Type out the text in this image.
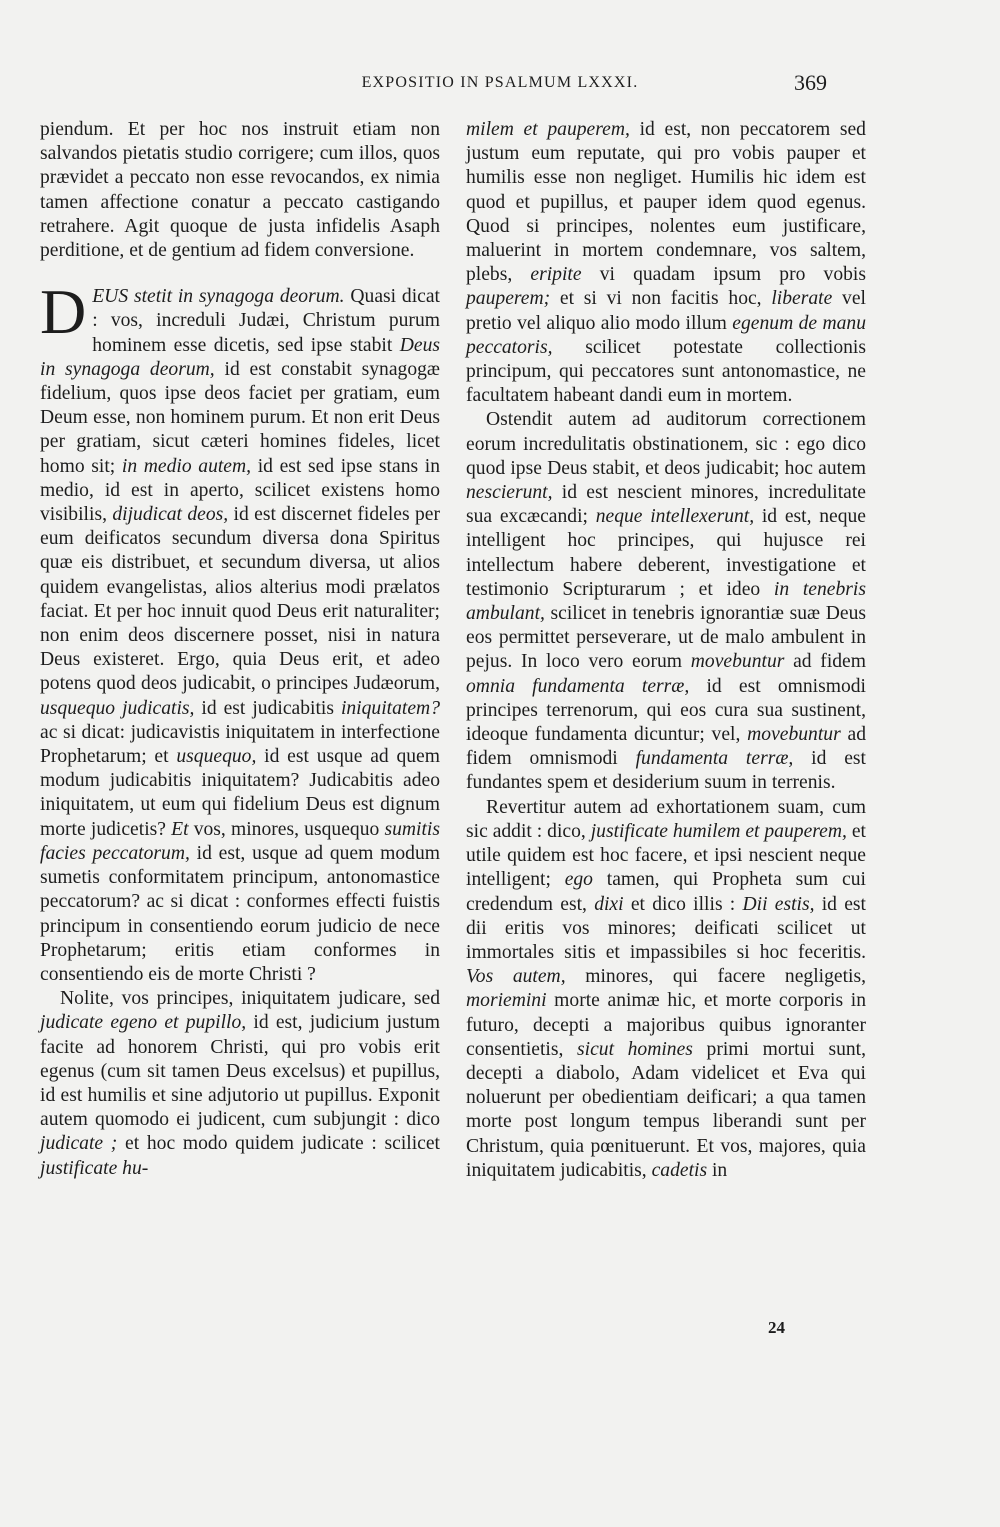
EXPOSITIO IN PSALMUM LXXXI.	369

piendum. Et per hoc nos instruit etiam non salvandos pietatis studio corrigere; cum illos, quos prævidet a peccato non esse revocandos, ex nimia tamen affectione conatur a peccato castigando retrahere. Agit quoque de justa infidelis Asaph perditione, et de gentium ad fidem conversione.

DEUS stetit in synagoga deorum. Quasi dicat : vos, increduli Judæi, Christum purum hominem esse dicetis, sed ipse stabit Deus in synagoga deorum, id est constabit synagogæ fidelium, quos ipse deos faciet per gratiam, eum Deum esse, non hominem purum. Et non erit Deus per gratiam, sicut cæteri homines fideles, licet homo sit; in medio autem, id est sed ipse stans in medio, id est in aperto, scilicet existens homo visibilis, dijudicat deos, id est discernet fideles per eum deificatos secundum diversa dona Spiritus quæ eis distribuet, et secundum diversa, ut alios quidem evangelistas, alios alterius modi prælatos faciat. Et per hoc innuit quod Deus erit naturaliter; non enim deos discernere posset, nisi in natura Deus existeret. Ergo, quia Deus erit, et adeo potens quod deos judicabit, o principes Judæorum, usquequo judicatis, id est judicabitis iniquitatem? ac si dicat: judicavistis iniquitatem in interfectione Prophetarum; et usquequo, id est usque ad quem modum judicabitis iniquitatem? Judicabitis adeo iniquitatem, ut eum qui fidelium Deus est dignum morte judicetis? Et vos, minores, usquequo sumitis facies peccatorum, id est, usque ad quem modum sumetis conformitatem principum, antonomastice peccatorum? ac si dicat : conformes effecti fuistis principum in consentiendo eorum judicio de nece Prophetarum; eritis etiam conformes in consentiendo eis de morte Christi ?

Nolite, vos principes, iniquitatem judicare, sed judicate egeno et pupillo, id est, judicium justum facite ad honorem Christi, qui pro vobis erit egenus (cum sit tamen Deus excelsus) et pupillus, id est humilis et sine adjutorio ut pupillus. Exponit autem quomodo ei judicent, cum subjungit : dico judicate ; et hoc modo quidem judicate : scilicet justificate hu-

milem et pauperem, id est, non peccatorem sed justum eum reputate, qui pro vobis pauper et humilis esse non negliget. Humilis hic idem est quod et pupillus, et pauper idem quod egenus. Quod si principes, nolentes eum justificare, maluerint in mortem condemnare, vos saltem, plebs, eripite vi quadam ipsum pro vobis pauperem; et si vi non facitis hoc, liberate vel pretio vel aliquo alio modo illum egenum de manu peccatoris, scilicet potestate collectionis principum, qui peccatores sunt antonomastice, ne facultatem habeant dandi eum in mortem.

Ostendit autem ad auditorum correctionem eorum incredulitatis obstinationem, sic : ego dico quod ipse Deus stabit, et deos judicabit; hoc autem nescierunt, id est nescient minores, incredulitate sua excæcandi; neque intellexerunt, id est, neque intelligent hoc principes, qui hujusce rei intellectum habere deberent, investigatione et testimonio Scripturarum ; et ideo in tenebris ambulant, scilicet in tenebris ignorantiæ suæ Deus eos permittet perseverare, ut de malo ambulent in pejus. In loco vero eorum movebuntur ad fidem omnia fundamenta terræ, id est omnismodi principes terrenorum, qui eos cura sua sustinent, ideoque fundamenta dicuntur; vel, movebuntur ad fidem omnismodi fundamenta terræ, id est fundantes spem et desiderium suum in terrenis.

Revertitur autem ad exhortationem suam, cum sic addit : dico, justificate humilem et pauperem, et utile quidem est hoc facere, et ipsi nescient neque intelligent; ego tamen, qui Propheta sum cui credendum est, dixi et dico illis : Dii estis, id est dii eritis vos minores; deificati scilicet ut immortales sitis et impassibiles si hoc feceritis. Vos autem, minores, qui facere negligetis, moriemini morte animæ hic, et morte corporis in futuro, decepti a majoribus quibus ignoranter consentietis, sicut homines primi mortui sunt, decepti a diabolo, Adam videlicet et Eva qui noluerunt per obedientiam deificari; a qua tamen morte post longum tempus liberandi sunt per Christum, quia pœnituerunt. Et vos, majores, quia iniquitatem judicabitis, cadetis in

24
